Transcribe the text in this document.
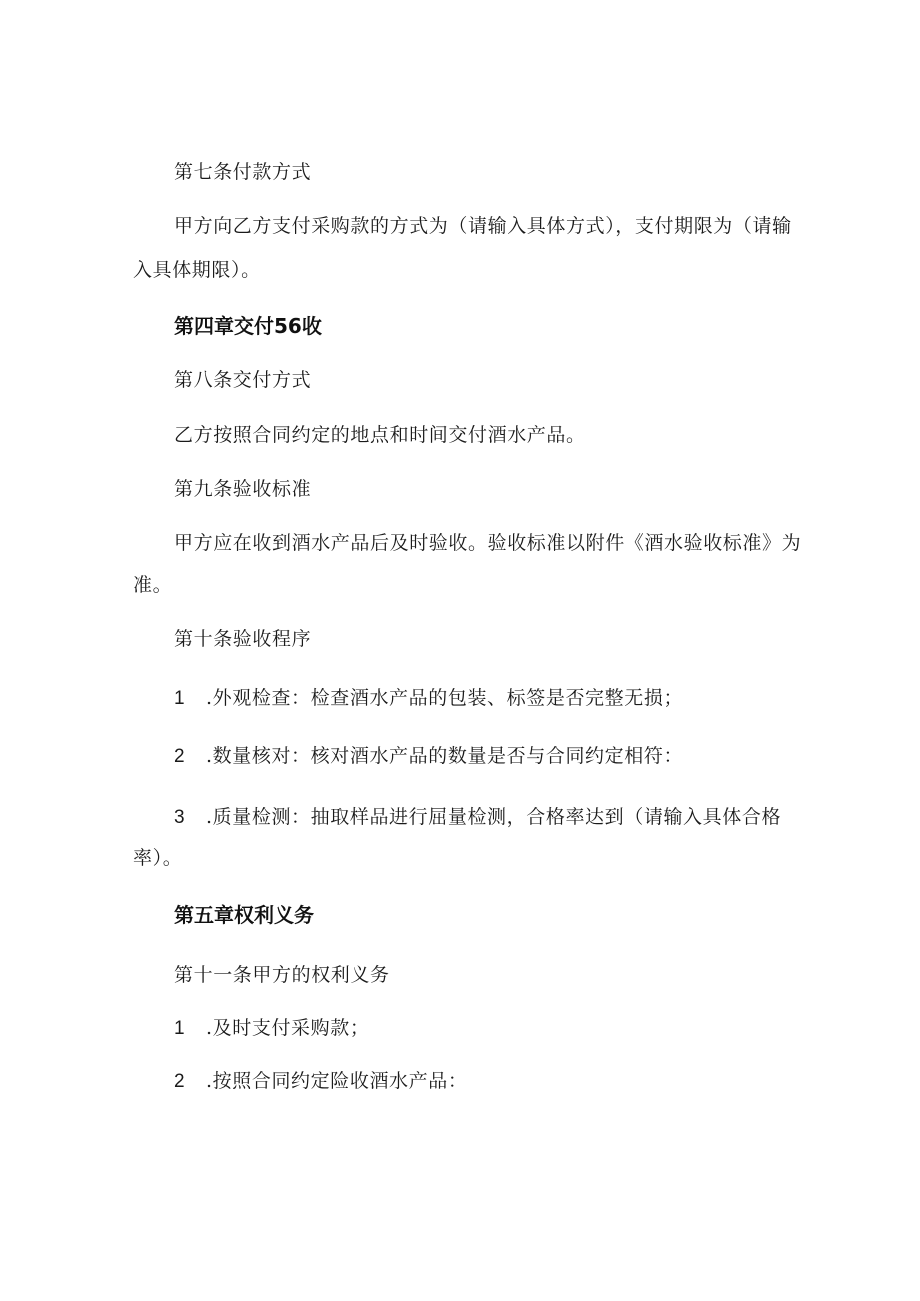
第七条付款方式
甲方向乙方支付采购款的方式为（请输入具体方式），支付期限为（请输
入具体期限）。
第四章交付56收
第八条交付方式
乙方按照合同约定的地点和时间交付酒水产品。
第九条验收标准
甲方应在收到酒水产品后及时验收。验收标准以附件《酒水验收标准》为
准。
第十条验收程序
1 .外观检查：检查酒水产品的包装、标签是否完整无损；
2 .数量核对：核对酒水产品的数量是否与合同约定相符：
3 .质量检测：抽取样品进行屈量检测，合格率达到（请输入具体合格
率）。
第五章权利义务
第十一条甲方的权利义务
1 .及时支付采购款；
2 .按照合同约定险收酒水产品：
